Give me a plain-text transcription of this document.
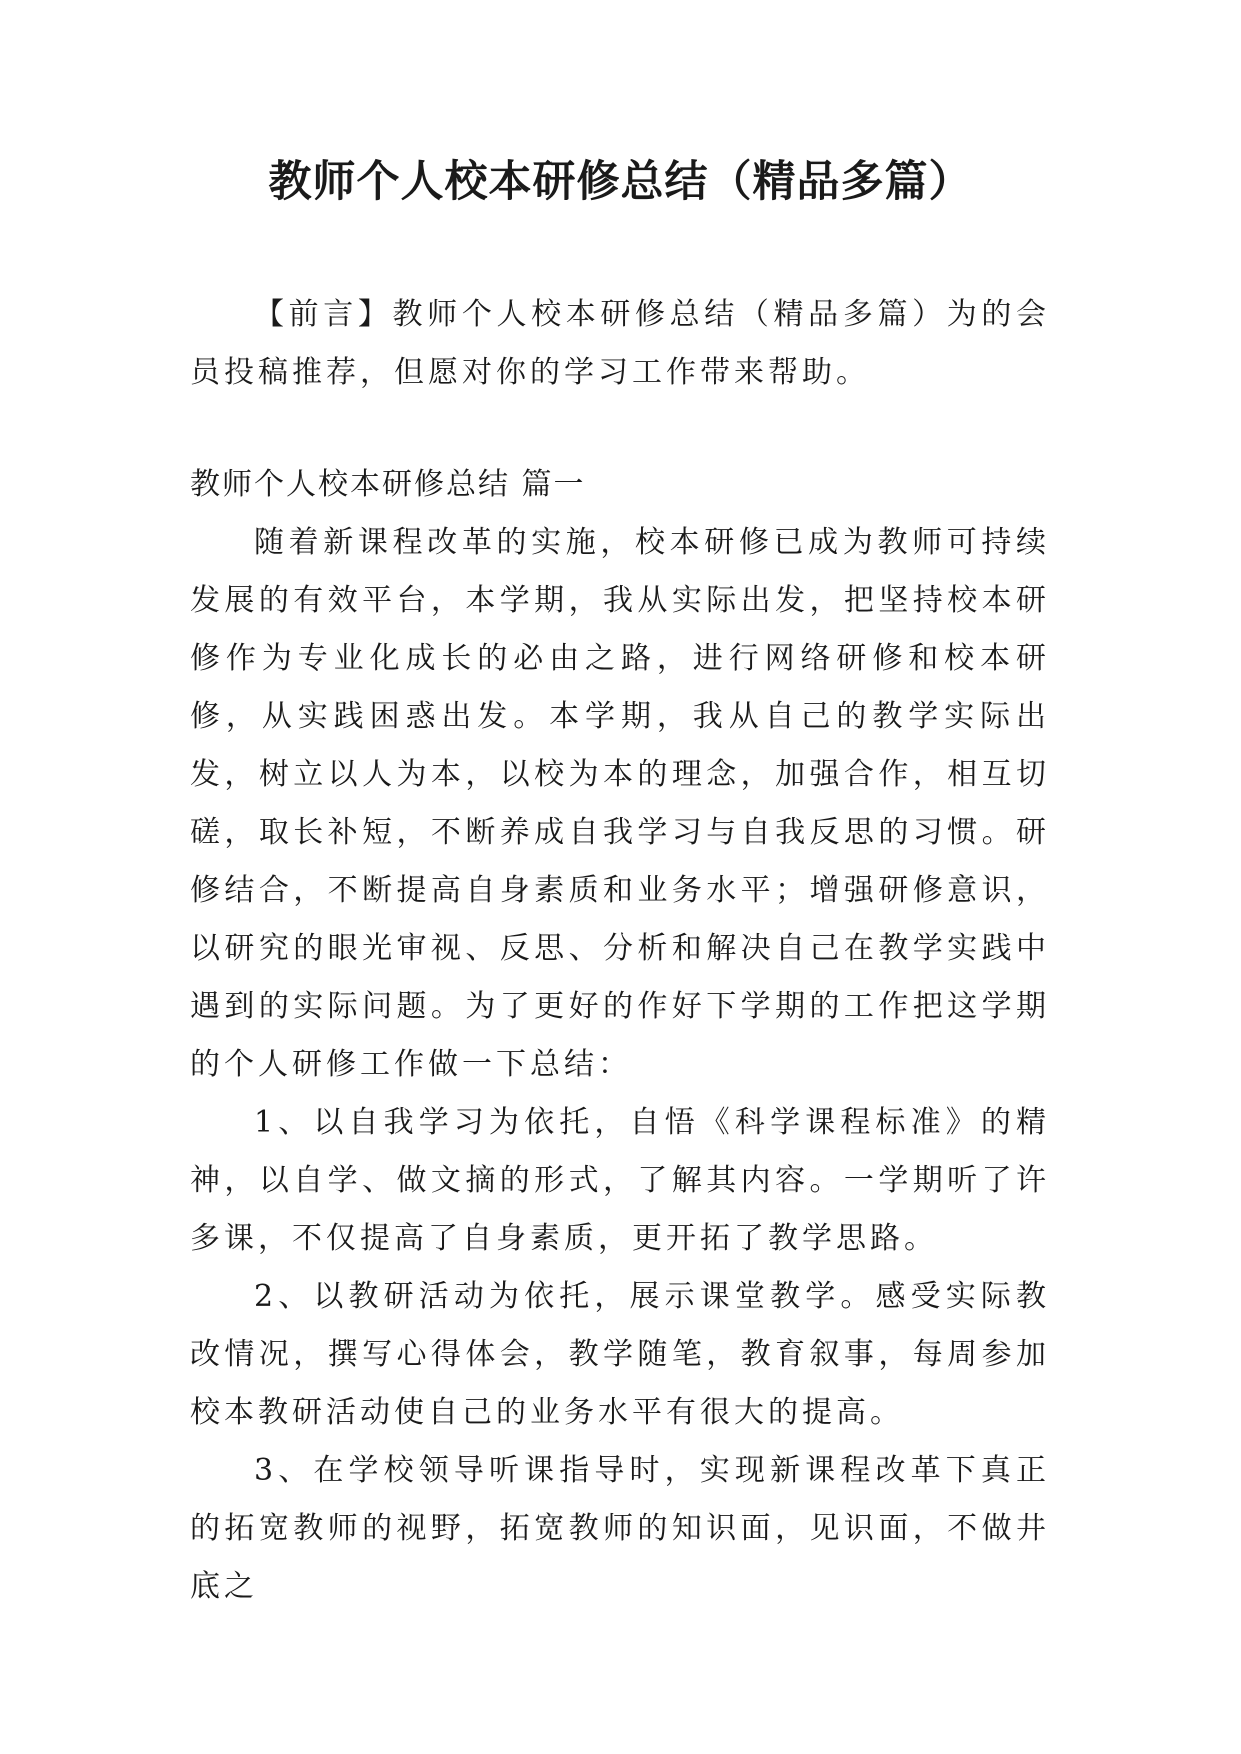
教师个人校本研修总结（精品多篇）

【前言】教师个人校本研修总结（精品多篇）为的会员投稿推荐，但愿对你的学习工作带来帮助。

教师个人校本研修总结 篇一

随着新课程改革的实施，校本研修已成为教师可持续发展的有效平台，本学期，我从实际出发，把坚持校本研修作为专业化成长的必由之路，进行网络研修和校本研修，从实践困惑出发。本学期，我从自己的教学实际出发，树立以人为本，以校为本的理念，加强合作，相互切磋，取长补短，不断养成自我学习与自我反思的习惯。研修结合，不断提高自身素质和业务水平；增强研修意识，以研究的眼光审视、反思、分析和解决自己在教学实践中遇到的实际问题。为了更好的作好下学期的工作把这学期的个人研修工作做一下总结：

1、以自我学习为依托，自悟《科学课程标准》的精神，以自学、做文摘的形式，了解其内容。一学期听了许多课，不仅提高了自身素质，更开拓了教学思路。

2、以教研活动为依托，展示课堂教学。感受实际教改情况，撰写心得体会，教学随笔，教育叙事，每周参加校本教研活动使自己的业务水平有很大的提高。

3、在学校领导听课指导时，实现新课程改革下真正的拓宽教师的视野，拓宽教师的知识面，见识面，不做井底之
